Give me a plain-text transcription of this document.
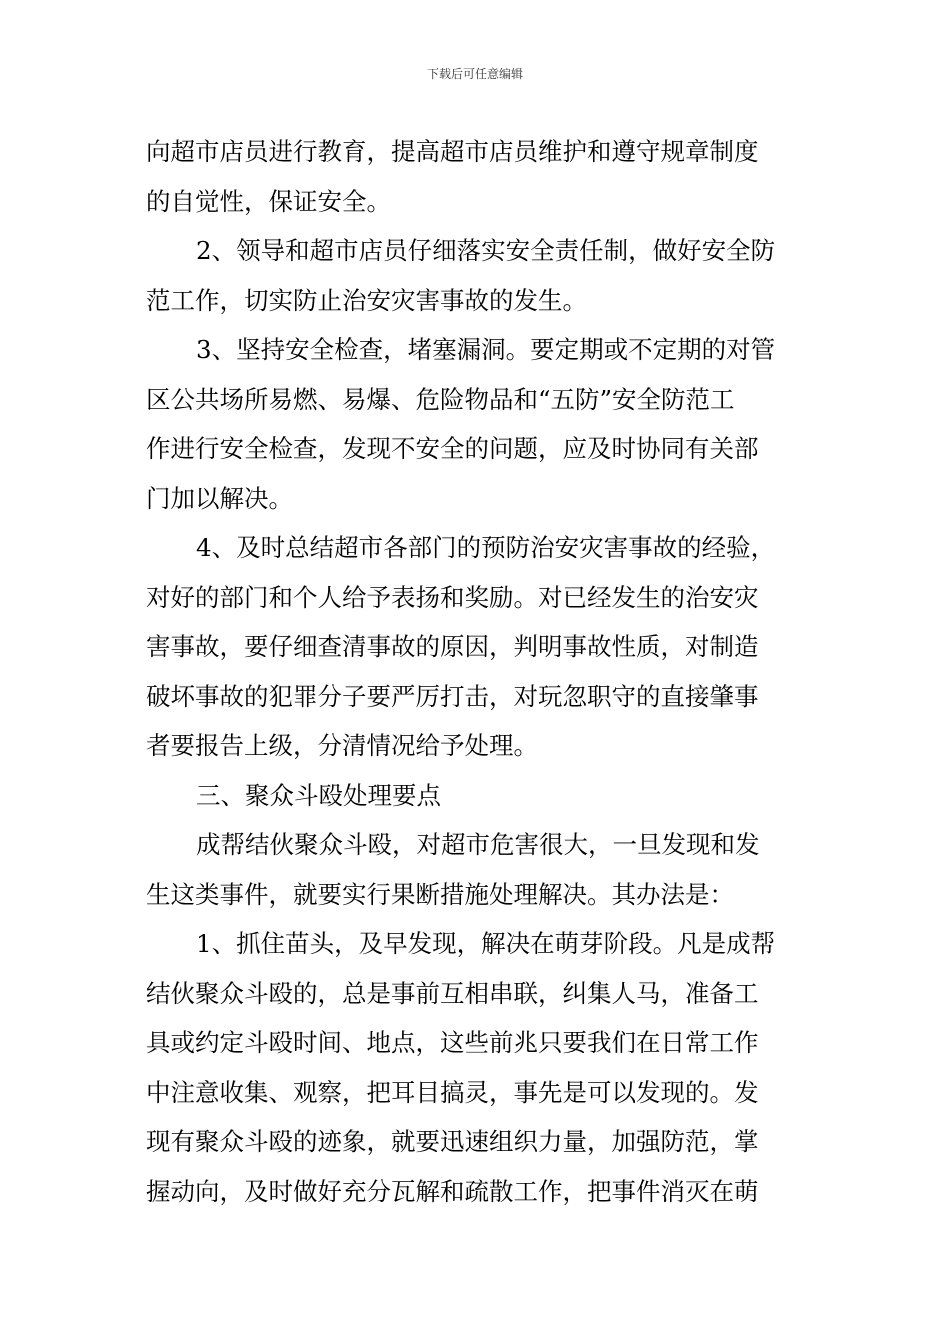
下载后可任意编辑
向超市店员进行教育，提高超市店员维护和遵守规章制度
的自觉性，保证安全。
2、领导和超市店员仔细落实安全责任制，做好安全防
范工作，切实防止治安灾害事故的发生。
3、坚持安全检查，堵塞漏洞。要定期或不定期的对管
区公共场所易燃、易爆、危险物品和“五防”安全防范工
作进行安全检查，发现不安全的问题，应及时协同有关部
门加以解决。
4、及时总结超市各部门的预防治安灾害事故的经验，
对好的部门和个人给予表扬和奖励。对已经发生的治安灾
害事故，要仔细查清事故的原因，判明事故性质，对制造
破坏事故的犯罪分子要严厉打击，对玩忽职守的直接肇事
者要报告上级，分清情况给予处理。
三、聚众斗殴处理要点
成帮结伙聚众斗殴，对超市危害很大，一旦发现和发
生这类事件，就要实行果断措施处理解决。其办法是：
1、抓住苗头，及早发现，解决在萌芽阶段。凡是成帮
结伙聚众斗殴的，总是事前互相串联，纠集人马，准备工
具或约定斗殴时间、地点，这些前兆只要我们在日常工作
中注意收集、观察，把耳目搞灵，事先是可以发现的。发
现有聚众斗殴的迹象，就要迅速组织力量，加强防范，掌
握动向，及时做好充分瓦解和疏散工作，把事件消灭在萌
